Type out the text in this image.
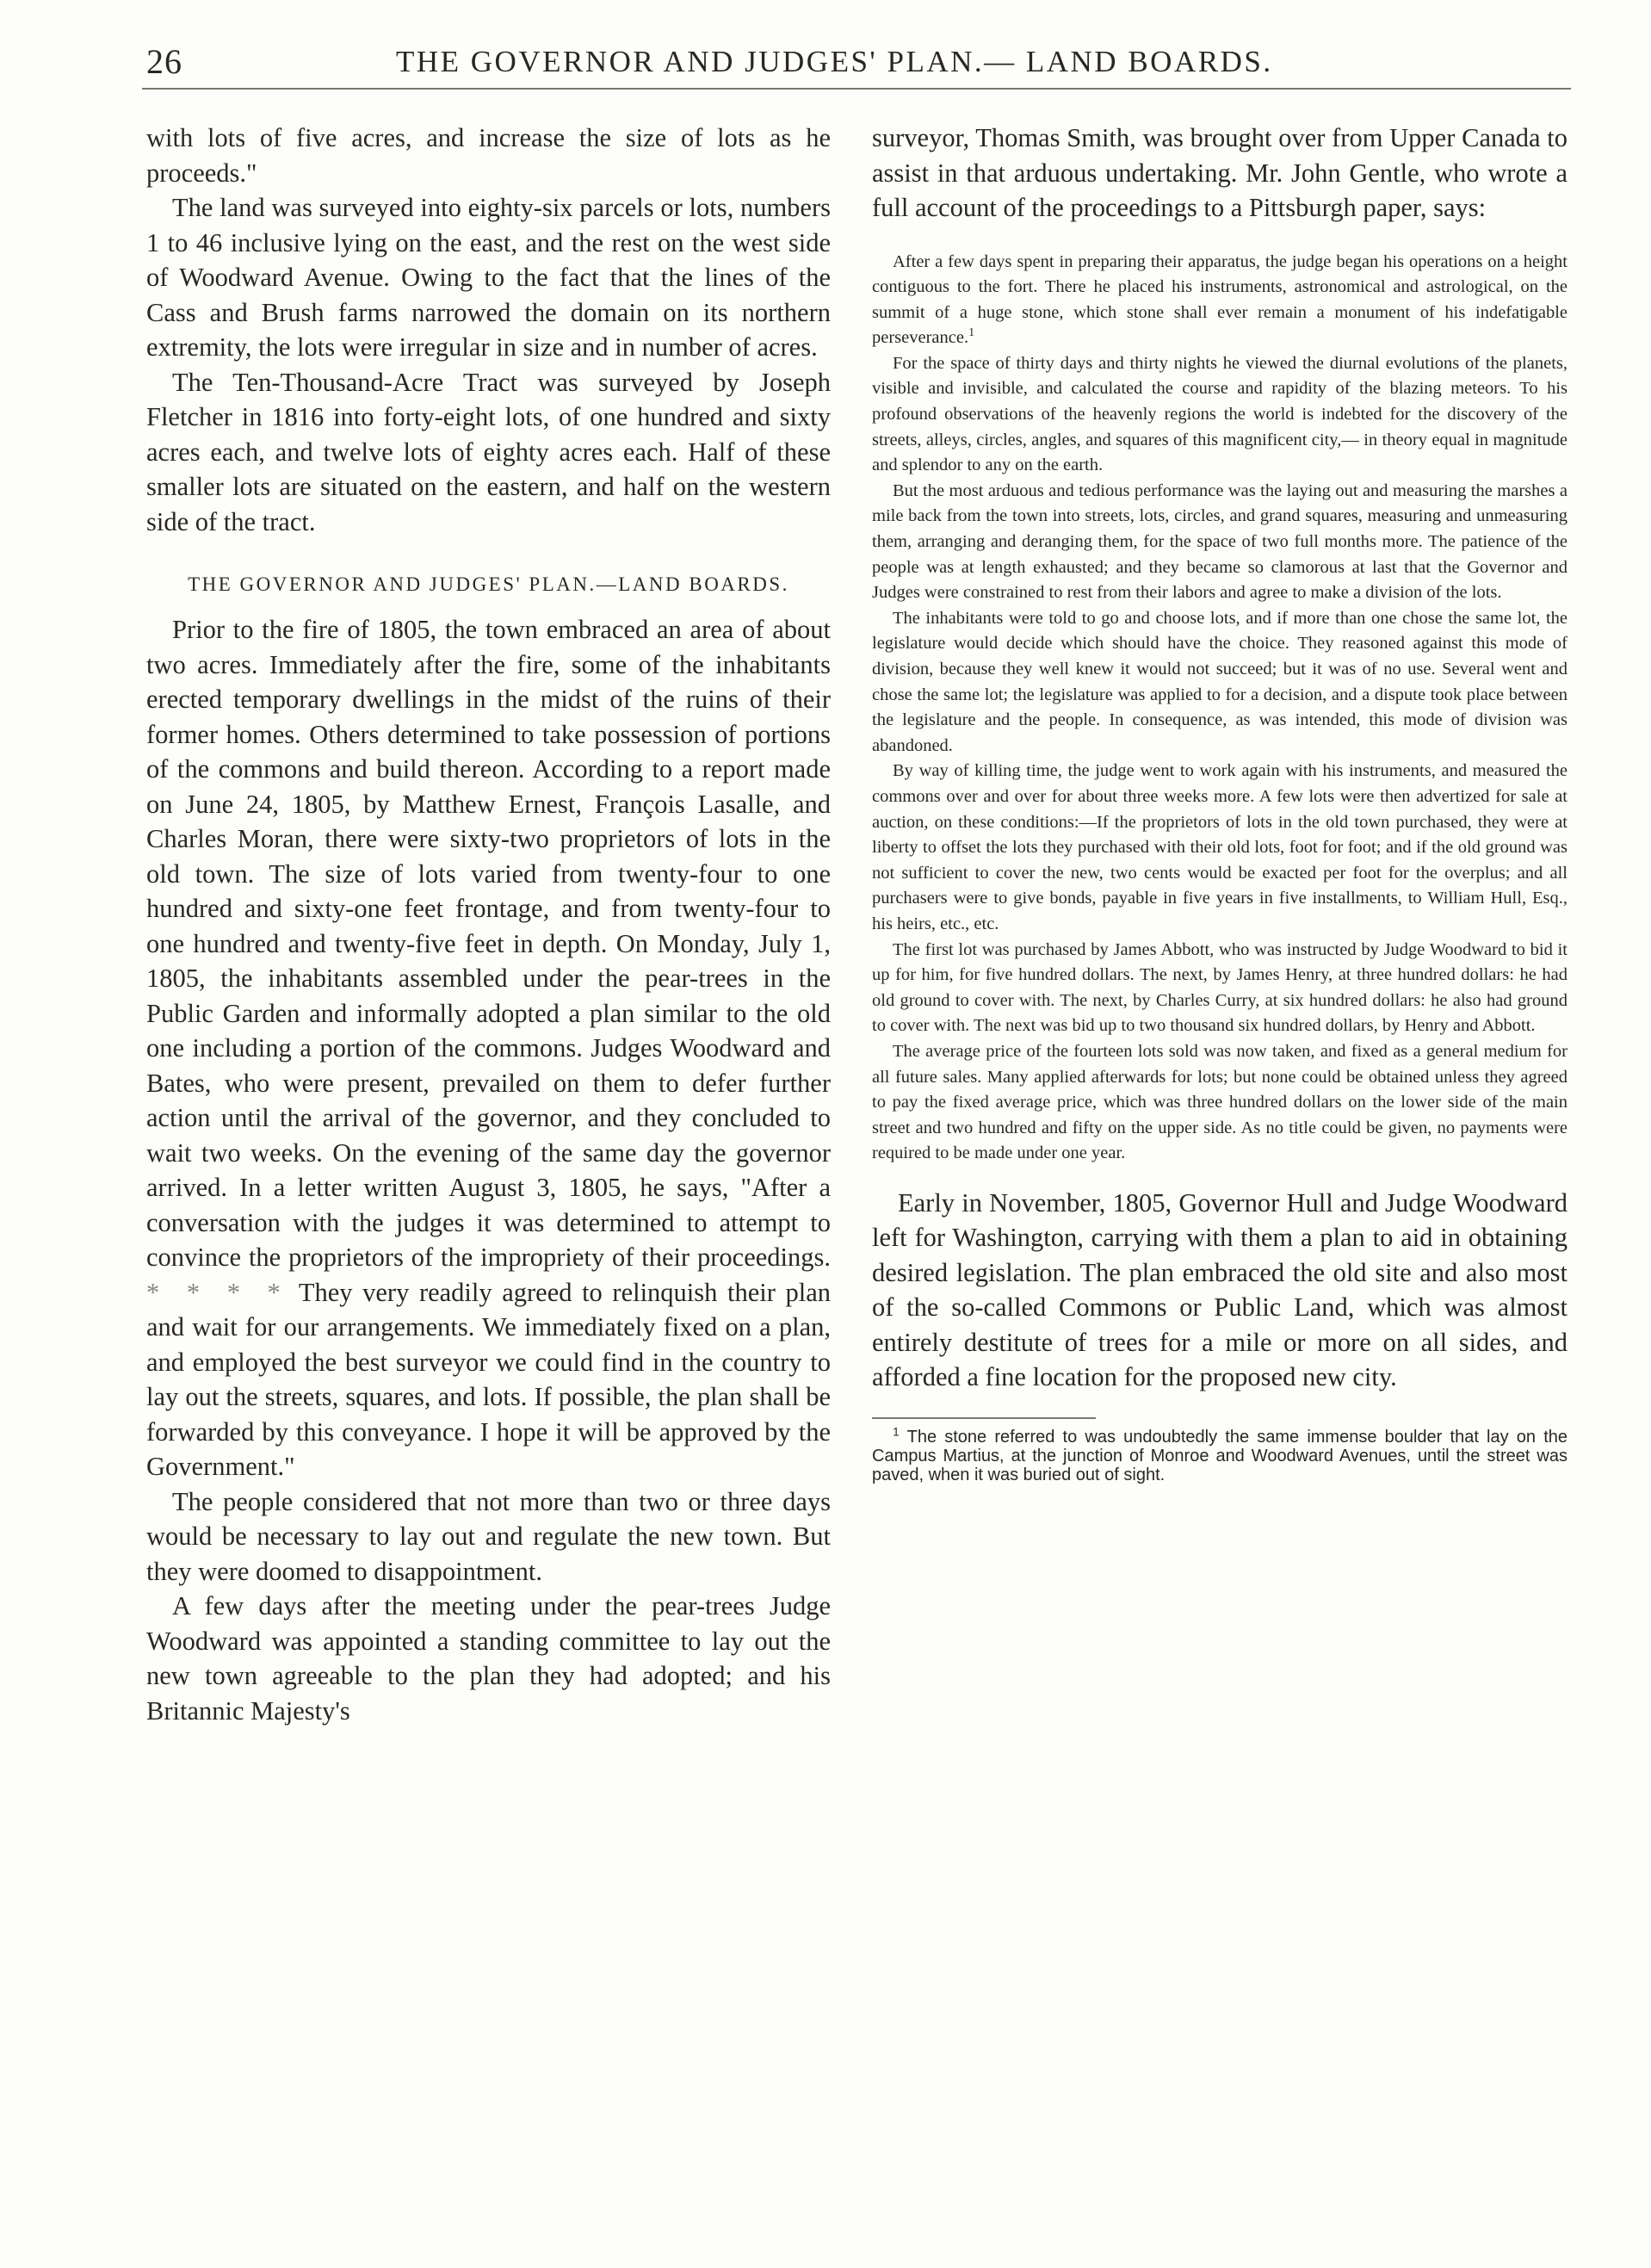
26	THE GOVERNOR AND JUDGES' PLAN.— LAND BOARDS.

with lots of five acres, and increase the size of lots as he proceeds."

The land was surveyed into eighty-six parcels or lots, numbers 1 to 46 inclusive lying on the east, and the rest on the west side of Woodward Avenue. Owing to the fact that the lines of the Cass and Brush farms narrowed the domain on its northern extremity, the lots were irregular in size and in number of acres.

The Ten-Thousand-Acre Tract was surveyed by Joseph Fletcher in 1816 into forty-eight lots, of one hundred and sixty acres each, and twelve lots of eighty acres each. Half of these smaller lots are situated on the eastern, and half on the western side of the tract.

THE GOVERNOR AND JUDGES' PLAN.—LAND BOARDS.

Prior to the fire of 1805, the town embraced an area of about two acres. Immediately after the fire, some of the inhabitants erected temporary dwellings in the midst of the ruins of their former homes. Others determined to take possession of portions of the commons and build thereon. According to a report made on June 24, 1805, by Matthew Ernest, François Lasalle, and Charles Moran, there were sixty-two proprietors of lots in the old town. The size of lots varied from twenty-four to one hundred and sixty-one feet frontage, and from twenty-four to one hundred and twenty-five feet in depth. On Monday, July 1, 1805, the inhabitants assembled under the pear-trees in the Public Garden and informally adopted a plan similar to the old one including a portion of the commons. Judges Woodward and Bates, who were present, prevailed on them to defer further action until the arrival of the governor, and they concluded to wait two weeks. On the evening of the same day the governor arrived. In a letter written August 3, 1805, he says, "After a conversation with the judges it was determined to attempt to convince the proprietors of the impropriety of their proceedings. * * * * They very readily agreed to relinquish their plan and wait for our arrangements. We immediately fixed on a plan, and employed the best surveyor we could find in the country to lay out the streets, squares, and lots. If possible, the plan shall be forwarded by this conveyance. I hope it will be approved by the Government."

The people considered that not more than two or three days would be necessary to lay out and regulate the new town. But they were doomed to disappointment.

A few days after the meeting under the pear-trees Judge Woodward was appointed a standing committee to lay out the new town agreeable to the plan they had adopted; and his Britannic Majesty's

surveyor, Thomas Smith, was brought over from Upper Canada to assist in that arduous undertaking. Mr. John Gentle, who wrote a full account of the proceedings to a Pittsburgh paper, says:

After a few days spent in preparing their apparatus, the judge began his operations on a height contiguous to the fort. There he placed his instruments, astronomical and astrological, on the summit of a huge stone, which stone shall ever remain a monument of his indefatigable perseverance.$^1$

For the space of thirty days and thirty nights he viewed the diurnal evolutions of the planets, visible and invisible, and calculated the course and rapidity of the blazing meteors. To his profound observations of the heavenly regions the world is indebted for the discovery of the streets, alleys, circles, angles, and squares of this magnificent city,— in theory equal in magnitude and splendor to any on the earth.

But the most arduous and tedious performance was the laying out and measuring the marshes a mile back from the town into streets, lots, circles, and grand squares, measuring and unmeasuring them, arranging and deranging them, for the space of two full months more. The patience of the people was at length exhausted; and they became so clamorous at last that the Governor and Judges were constrained to rest from their labors and agree to make a division of the lots.

The inhabitants were told to go and choose lots, and if more than one chose the same lot, the legislature would decide which should have the choice. They reasoned against this mode of division, because they well knew it would not succeed; but it was of no use. Several went and chose the same lot; the legislature was applied to for a decision, and a dispute took place between the legislature and the people. In consequence, as was intended, this mode of division was abandoned.

By way of killing time, the judge went to work again with his instruments, and measured the commons over and over for about three weeks more. A few lots were then advertized for sale at auction, on these conditions:—If the proprietors of lots in the old town purchased, they were at liberty to offset the lots they purchased with their old lots, foot for foot; and if the old ground was not sufficient to cover the new, two cents would be exacted per foot for the overplus; and all purchasers were to give bonds, payable in five years in five installments, to William Hull, Esq., his heirs, etc., etc.

The first lot was purchased by James Abbott, who was instructed by Judge Woodward to bid it up for him, for five hundred dollars. The next, by James Henry, at three hundred dollars: he had old ground to cover with. The next, by Charles Curry, at six hundred dollars: he also had ground to cover with. The next was bid up to two thousand six hundred dollars, by Henry and Abbott.

The average price of the fourteen lots sold was now taken, and fixed as a general medium for all future sales. Many applied afterwards for lots; but none could be obtained unless they agreed to pay the fixed average price, which was three hundred dollars on the lower side of the main street and two hundred and fifty on the upper side. As no title could be given, no payments were required to be made under one year.

Early in November, 1805, Governor Hull and Judge Woodward left for Washington, carrying with them a plan to aid in obtaining desired legislation. The plan embraced the old site and also most of the so-called Commons or Public Land, which was almost entirely destitute of trees for a mile or more on all sides, and afforded a fine location for the proposed new city.

$^1$ The stone referred to was undoubtedly the same immense boulder that lay on the Campus Martius, at the junction of Monroe and Woodward Avenues, until the street was paved, when it was buried out of sight.
